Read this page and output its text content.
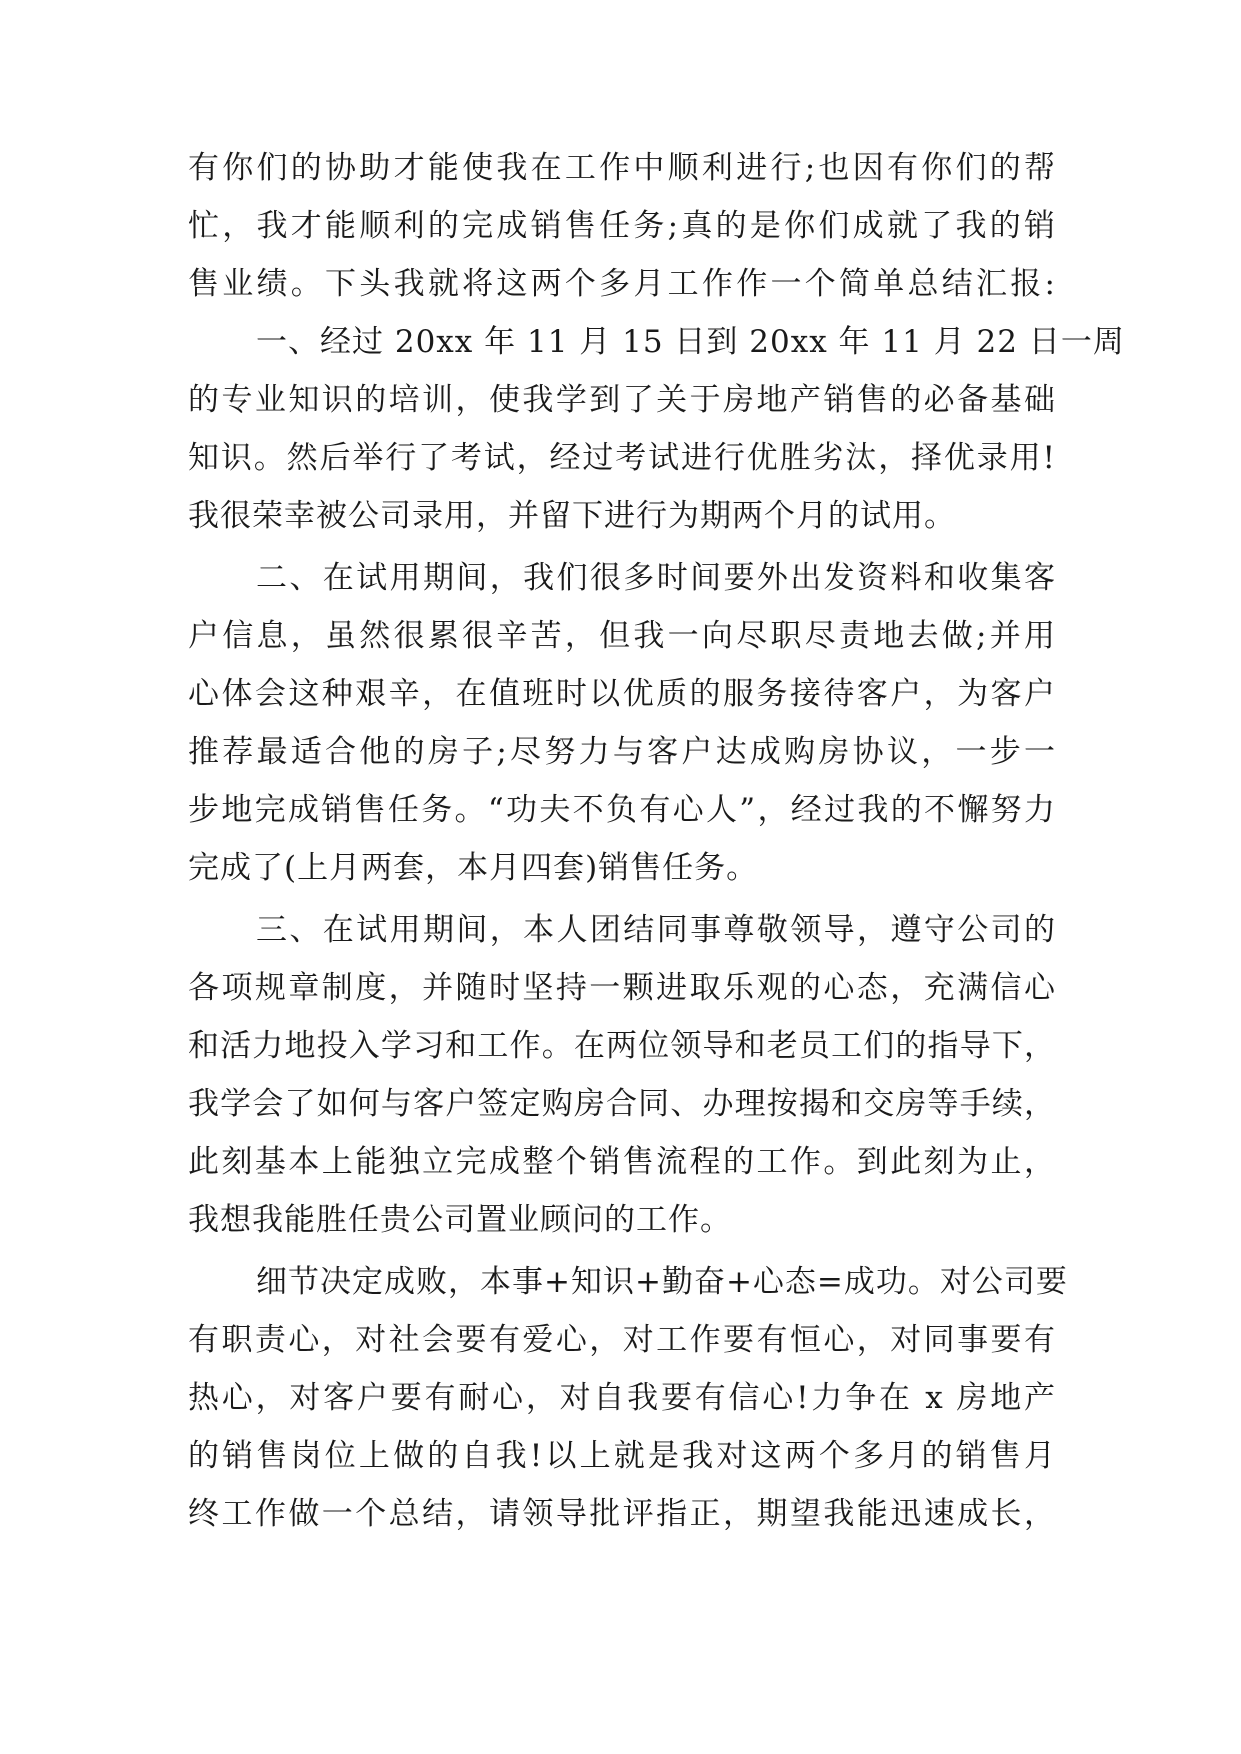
有你们的协助才能使我在工作中顺利进行;也因有你们的帮
忙，我才能顺利的完成销售任务;真的是你们成就了我的销
售业绩。下头我就将这两个多月工作作一个简单总结汇报:
一、经过 20xx 年 11 月 15 日到 20xx 年 11 月 22 日一周
的专业知识的培训，使我学到了关于房地产销售的必备基础
知识。然后举行了考试，经过考试进行优胜劣汰，择优录用!
我很荣幸被公司录用，并留下进行为期两个月的试用。
二、在试用期间，我们很多时间要外出发资料和收集客
户信息，虽然很累很辛苦，但我一向尽职尽责地去做;并用
心体会这种艰辛，在值班时以优质的服务接待客户，为客户
推荐最适合他的房子;尽努力与客户达成购房协议，一步一
步地完成销售任务。“功夫不负有心人”，经过我的不懈努力
完成了(上月两套，本月四套)销售任务。
三、在试用期间，本人团结同事尊敬领导，遵守公司的
各项规章制度，并随时坚持一颗进取乐观的心态，充满信心
和活力地投入学习和工作。在两位领导和老员工们的指导下，
我学会了如何与客户签定购房合同、办理按揭和交房等手续，
此刻基本上能独立完成整个销售流程的工作。到此刻为止，
我想我能胜任贵公司置业顾问的工作。
细节决定成败，本事+知识+勤奋+心态=成功。对公司要
有职责心，对社会要有爱心，对工作要有恒心，对同事要有
热心，对客户要有耐心，对自我要有信心!力争在 x 房地产
的销售岗位上做的自我!以上就是我对这两个多月的销售月
终工作做一个总结，请领导批评指正，期望我能迅速成长，
